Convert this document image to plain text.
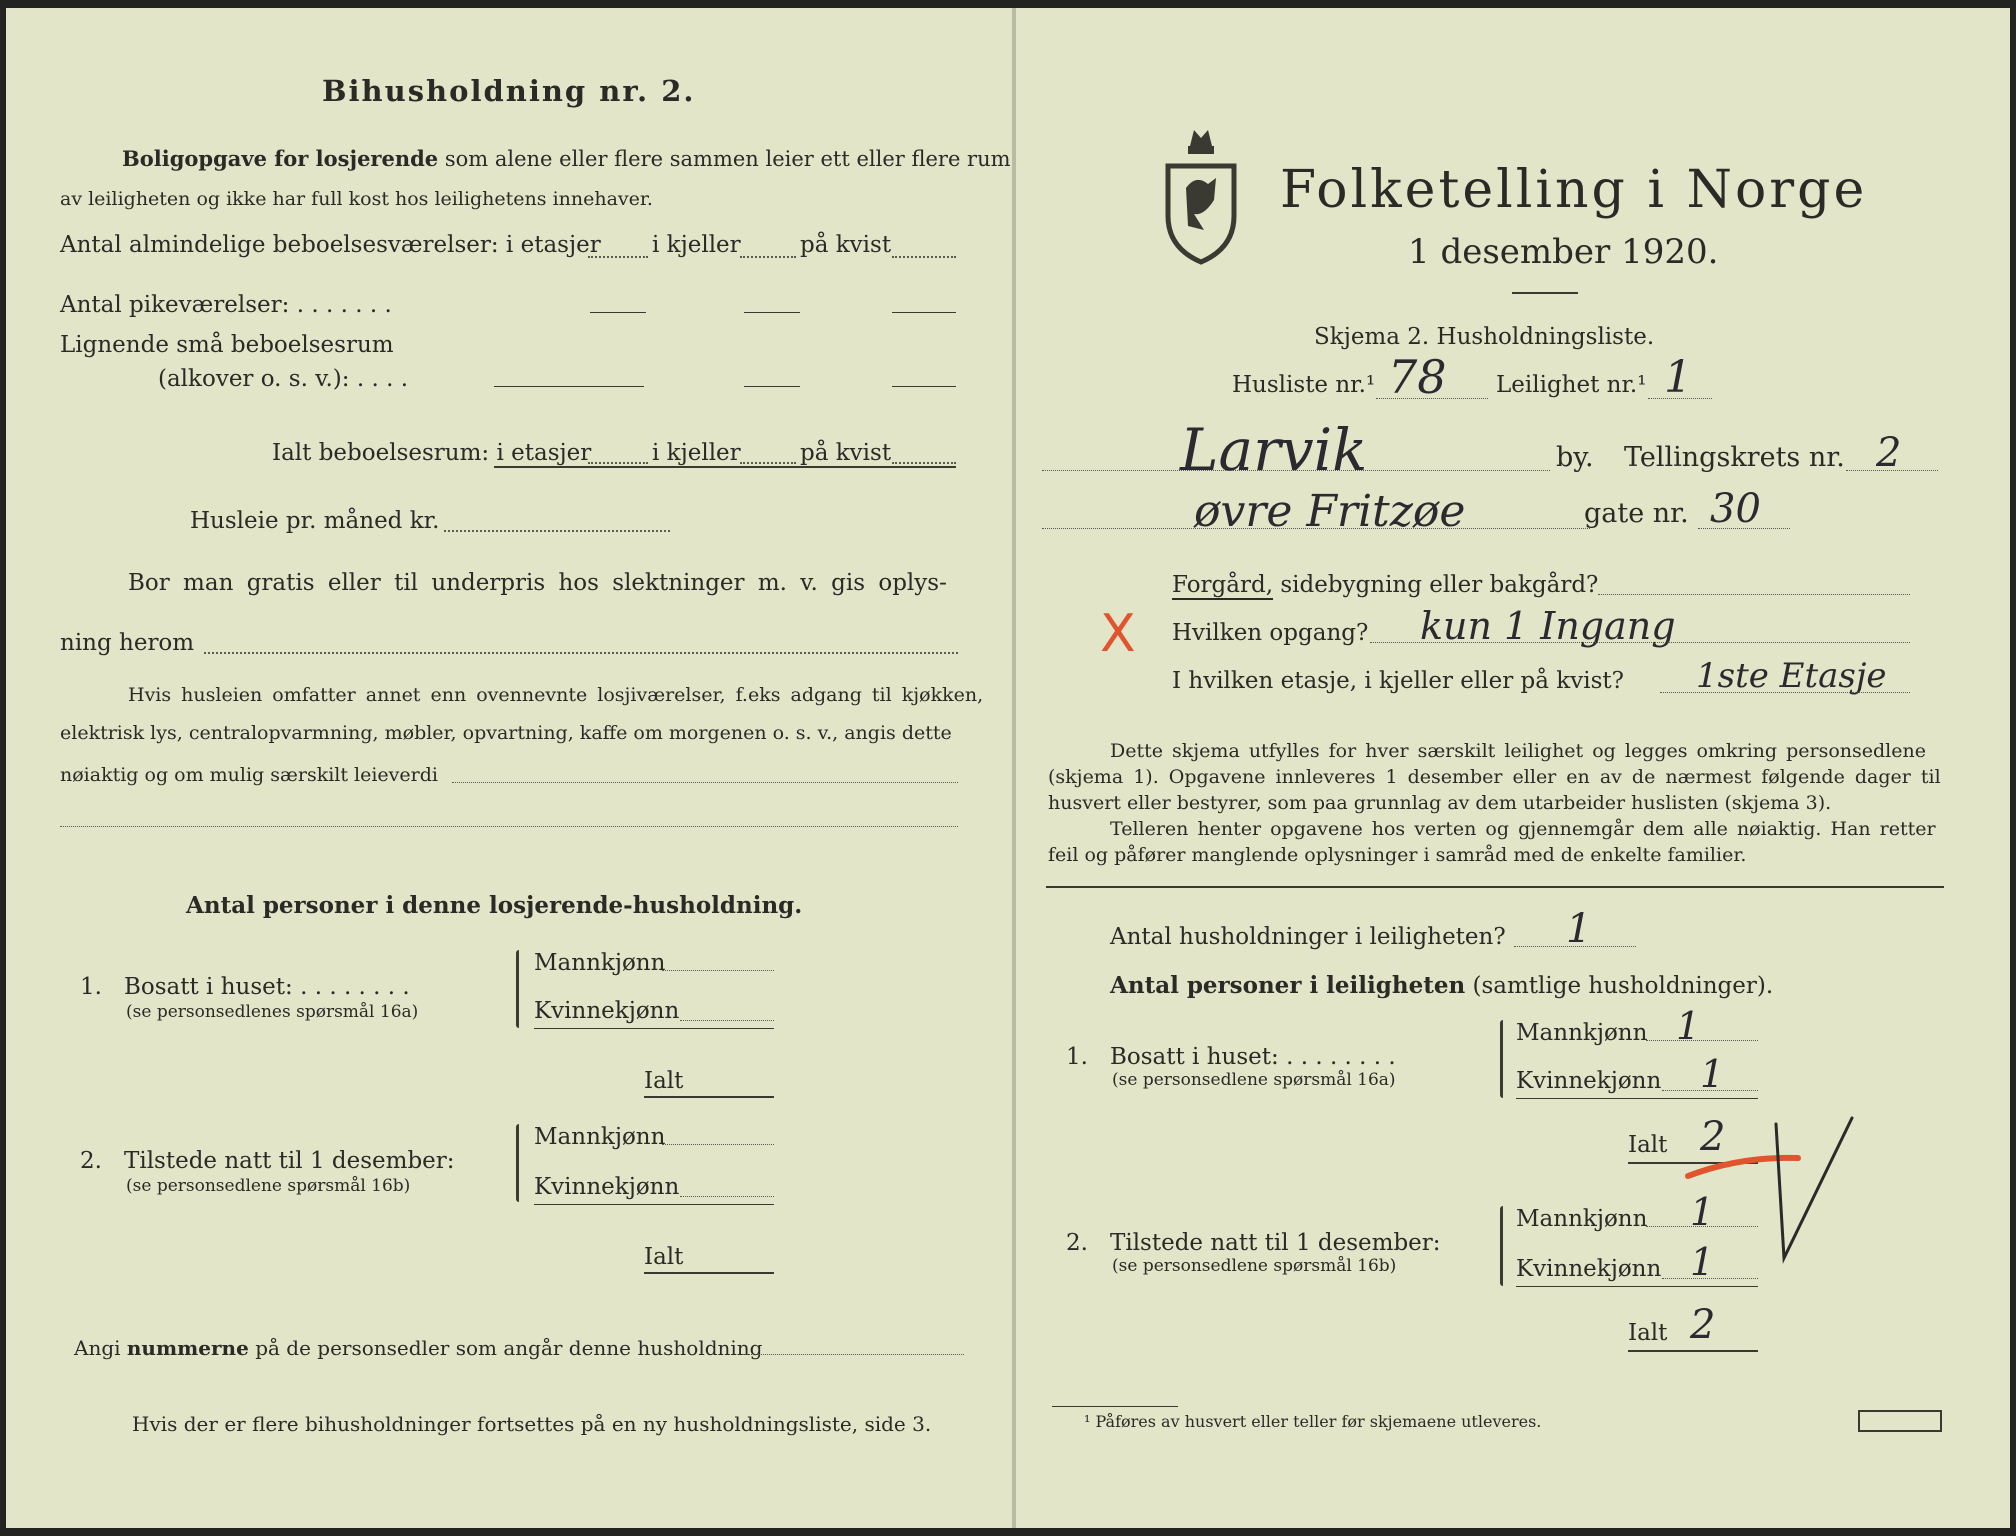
Bihusholdning nr. 2.
Boligopgave for losjerende som alene eller flere sammen leier ett eller flere rum
av leiligheten og ikke har full kost hos leilighetens innehaver.
Antal almindelige beboelsesværelser: i etasjer i kjeller	på kvist
Antal pikeværelser: . . . . . . .
Lignende små beboelsesrum
(alkover o. s. v.): . . . .
Ialt beboelsesrum: i etasjer	i kjeller	på kvist
Husleie pr. måned kr.
Bor man gratis eller til underpris hos slektninger m. v. gis oplys-
ning herom
Hvis husleien omfatter annet enn ovennevnte losjiværelser, f.eks adgang til kjøkken,
elektrisk lys, centralopvarmning, møbler, opvartning, kaffe om morgenen o. s. v., angis dette
nøiaktig og om mulig særskilt leieverdi
Antal personer i denne losjerende-husholdning.
1. Bosatt i huset: . . . . . . . .
(se personsedlenes spørsmål 16a)
Mannkjønn
Kvinnekjønn
Ialt
2. Tilstede natt til 1 desember:
(se personsedlene spørsmål 16b)
Mannkjønn
Kvinnekjønn
Ialt
Angi nummerne på de personsedler som angår denne husholdning
Hvis der er flere bihusholdninger fortsettes på en ny husholdningsliste, side 3.
Folketelling i Norge
1 desember 1920.
Skjema 2. Husholdningsliste.
Husliste nr.¹ 78 Leilighet nr.¹ 1
Larvik	by. Tellingskrets nr. 2
øvre Fritzøe	gate nr. 30
Forgård, sidebygning eller bakgård?
X Hvilken opgang? kun 1 Ingang
I hvilken etasje, i kjeller eller på kvist? 1ste Etasje
Dette skjema utfylles for hver særskilt leilighet og legges omkring personsedlene
(skjema 1). Opgavene innleveres 1 desember eller en av de nærmest følgende dager til
husvert eller bestyrer, som paa grunnlag av dem utarbeider huslisten (skjema 3).
Telleren henter opgavene hos verten og gjennemgår dem alle nøiaktig. Han retter
feil og påfører manglende oplysninger i samråd med de enkelte familier.
Antal husholdninger i leiligheten? 1
Antal personer i leiligheten (samtlige husholdninger).
1. Bosatt i huset: . . . . . . . .
(se personsedlene spørsmål 16a)
Mannkjønn 1
Kvinnekjønn 1
Ialt 2
2. Tilstede natt til 1 desember:
(se personsedlene spørsmål 16b)
Mannkjønn 1
Kvinnekjønn 1
Ialt 2
¹ Påføres av husvert eller teller før skjemaene utleveres.
